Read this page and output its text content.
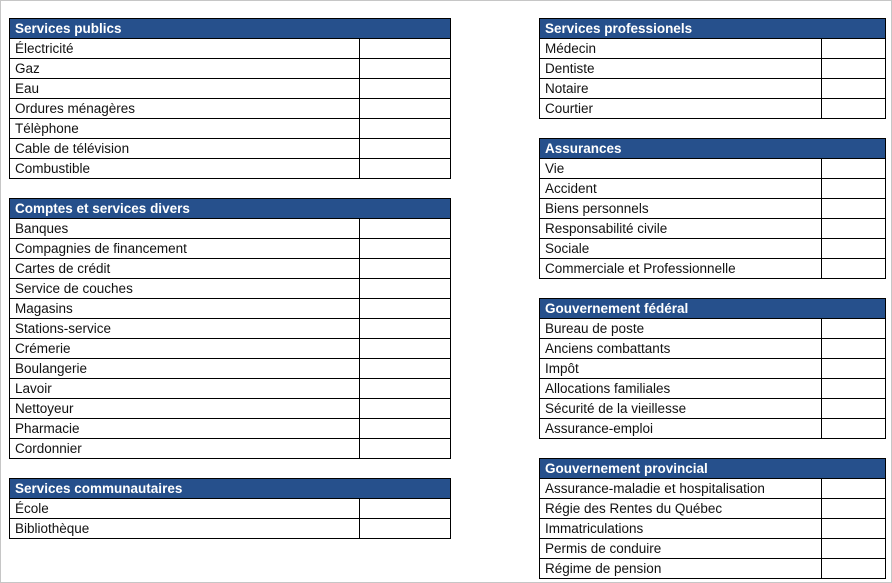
Services publics	
Électricité	
Gaz	
Eau	
Ordures ménagères	
Télèphone	
Cable de télévision	
Combustible	
Comptes et services divers	
Banques	
Compagnies de financement	
Cartes de crédit	
Service de couches	
Magasins	
Stations-service	
Crémerie	
Boulangerie	
Lavoir	
Nettoyeur	
Pharmacie	
Cordonnier	
Services communautaires	
École	
Bibliothèque	
Services professionels	
Médecin	
Dentiste	
Notaire	
Courtier	
Assurances	
Vie	
Accident	
Biens personnels	
Responsabilité civile	
Sociale	
Commerciale et Professionnelle	
Gouvernement fédéral	
Bureau de poste	
Anciens combattants	
Impôt	
Allocations familiales	
Sécurité de la vieillesse	
Assurance-emploi	
Gouvernement provincial	
Assurance-maladie et hospitalisation	
Régie des Rentes du Québec	
Immatriculations	
Permis de conduire	
Régime de pension	
